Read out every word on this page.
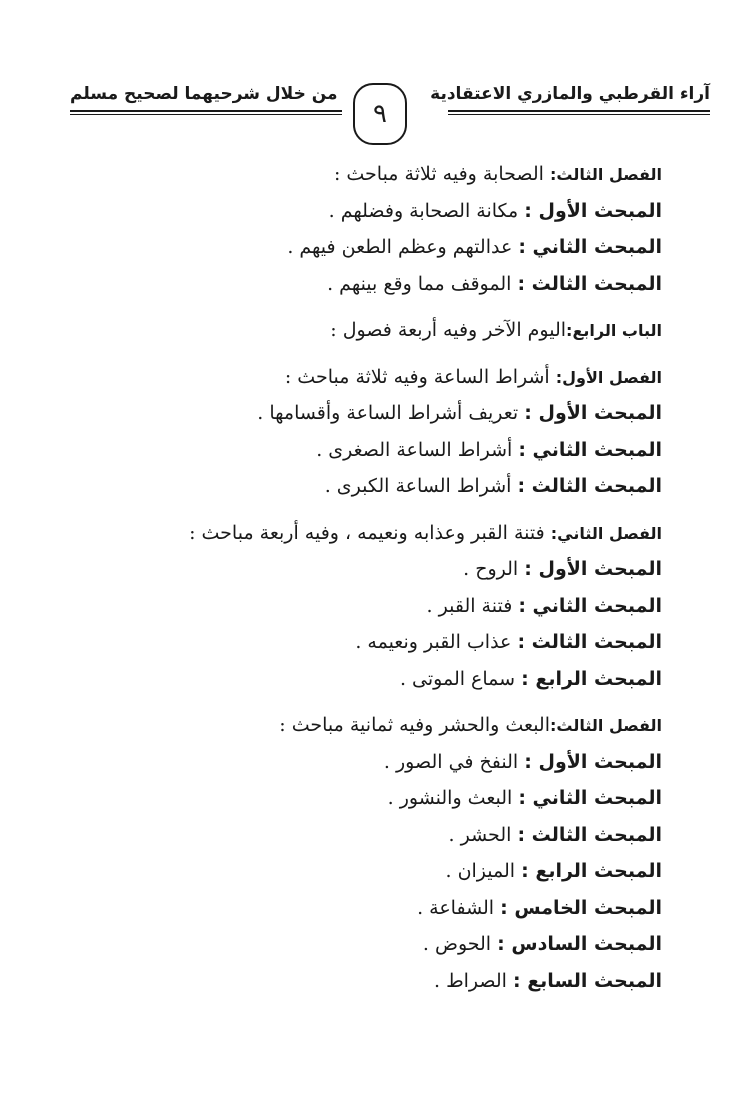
آراء القرطبي والمازري الاعتقادية
٩
من خلال شرحيهما لصحيح مسلم
الفصل الثالث: الصحابة وفيه ثلاثة مباحث :
المبحث الأول : مكانة الصحابة وفضلهم .
المبحث الثاني : عدالتهم وعظم الطعن فيهم .
المبحث الثالث : الموقف مما وقع بينهم .
الباب الرابع:اليوم الآخر وفيه أربعة فصول :
الفصل الأول: أشراط الساعة وفيه ثلاثة مباحث :
المبحث الأول : تعريف أشراط الساعة وأقسامها .
المبحث الثاني : أشراط الساعة الصغرى .
المبحث الثالث : أشراط الساعة الكبرى .
الفصل الثاني: فتنة القبر وعذابه ونعيمه ، وفيه أربعة مباحث :
المبحث الأول : الروح .
المبحث الثاني : فتنة القبر .
المبحث الثالث : عذاب القبر ونعيمه .
المبحث الرابع : سماع الموتى .
الفصل الثالث:البعث والحشر وفيه ثمانية مباحث :
المبحث الأول : النفخ في الصور .
المبحث الثاني : البعث والنشور .
المبحث الثالث : الحشر .
المبحث الرابع : الميزان .
المبحث الخامس : الشفاعة .
المبحث السادس : الحوض .
المبحث السابع : الصراط .
